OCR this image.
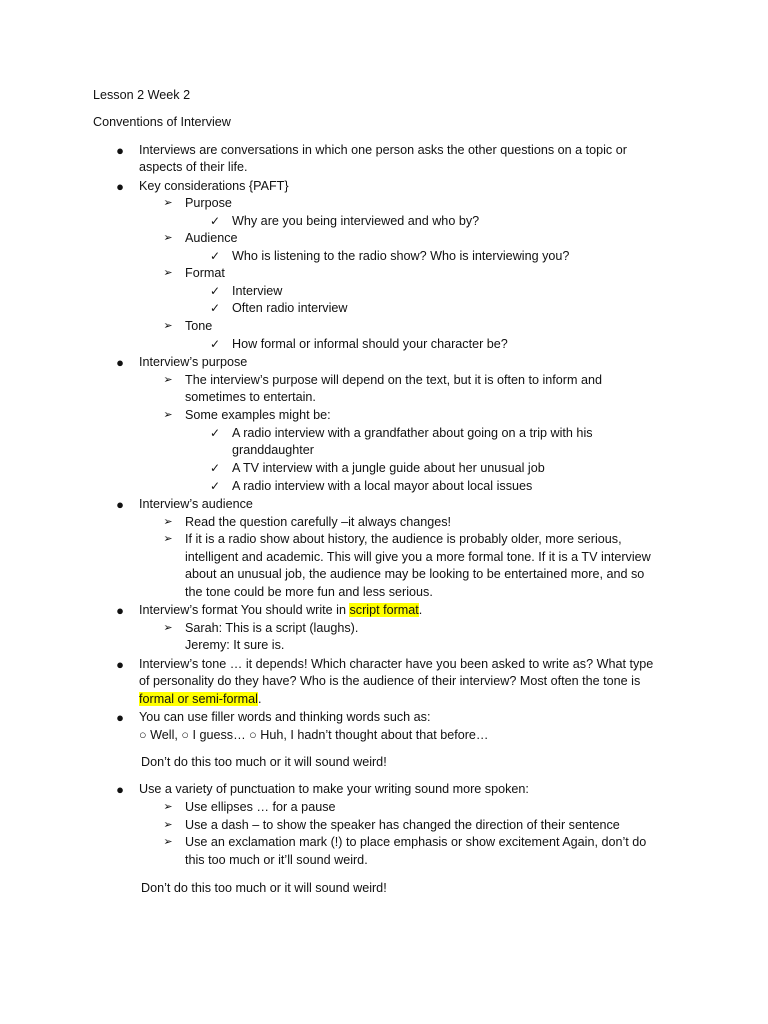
Lesson 2 Week 2
Conventions of Interview
●	Interviews are conversations in which one person asks the other questions on a topic or
aspects of their life.
●	Key considerations {PAFT}
➢ Purpose
✓ Why are you being interviewed and who by?
➢ Audience
✓ Who is listening to the radio show? Who is interviewing you?
➢ Format
✓ Interview
✓ Often radio interview
➢ Tone
✓ How formal or informal should your character be?
●	Interview’s purpose
➢ The interview’s purpose will depend on the text, but it is often to inform and
sometimes to entertain.
➢ Some examples might be:
✓ A radio interview with a grandfather about going on a trip with his
granddaughter
✓ A TV interview with a jungle guide about her unusual job
✓ A radio interview with a local mayor about local issues
●	Interview’s audience
➢ Read the question carefully –it always changes!
➢ If it is a radio show about history, the audience is probably older, more serious,
intelligent and academic. This will give you a more formal tone. If it is a TV interview
about an unusual job, the audience may be looking to be entertained more, and so
the tone could be more fun and less serious.
●	Interview’s format You should write in script format.
➢ Sarah: This is a script (laughs).
Jeremy: It sure is.
●	Interview’s tone … it depends! Which character have you been asked to write as? What type
of personality do they have? Who is the audience of their interview? Most often the tone is
formal or semi-formal.
●	You can use filler words and thinking words such as:
○ Well, ○ I guess… ○ Huh, I hadn’t thought about that before…
Don’t do this too much or it will sound weird!
●	Use a variety of punctuation to make your writing sound more spoken:
➢ Use ellipses … for a pause
➢ Use a dash – to show the speaker has changed the direction of their sentence
➢ Use an exclamation mark (!) to place emphasis or show excitement Again, don’t do
this too much or it’ll sound weird.
Don’t do this too much or it will sound weird!
